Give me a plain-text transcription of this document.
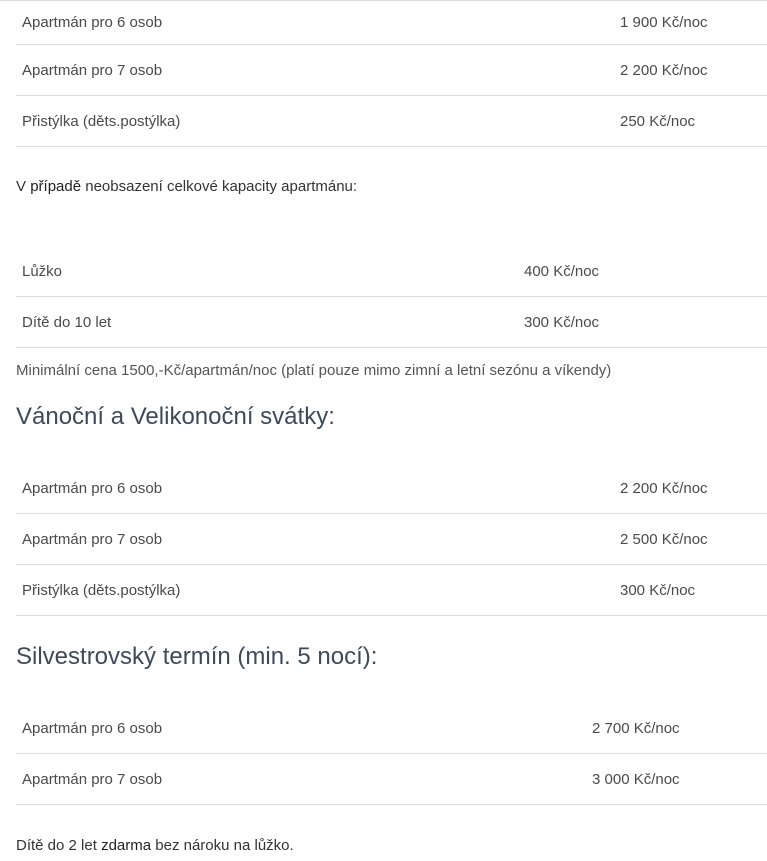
Apartmán pro 6 osob	1 900 Kč/noc
Apartmán pro 7 osob	2 200 Kč/noc
Přistýlka (děts.postýlka)	250 Kč/noc
V případě neobsazení celkové kapacity apartmánu:
Lůžko	400 Kč/noc
Dítě do 10 let	300 Kč/noc
Minimální cena 1500,-Kč/apartmán/noc (platí pouze mimo zimní a letní sezónu a víkendy)
Vánoční a Velikonoční svátky:
Apartmán pro 6 osob	2 200 Kč/noc
Apartmán pro 7 osob	2 500 Kč/noc
Přistýlka (děts.postýlka)	300 Kč/noc
Silvestrovský termín (min. 5 nocí):
Apartmán pro 6 osob	2 700 Kč/noc
Apartmán pro 7 osob	3 000 Kč/noc
Dítě do 2 let zdarma bez nároku na lůžko.
